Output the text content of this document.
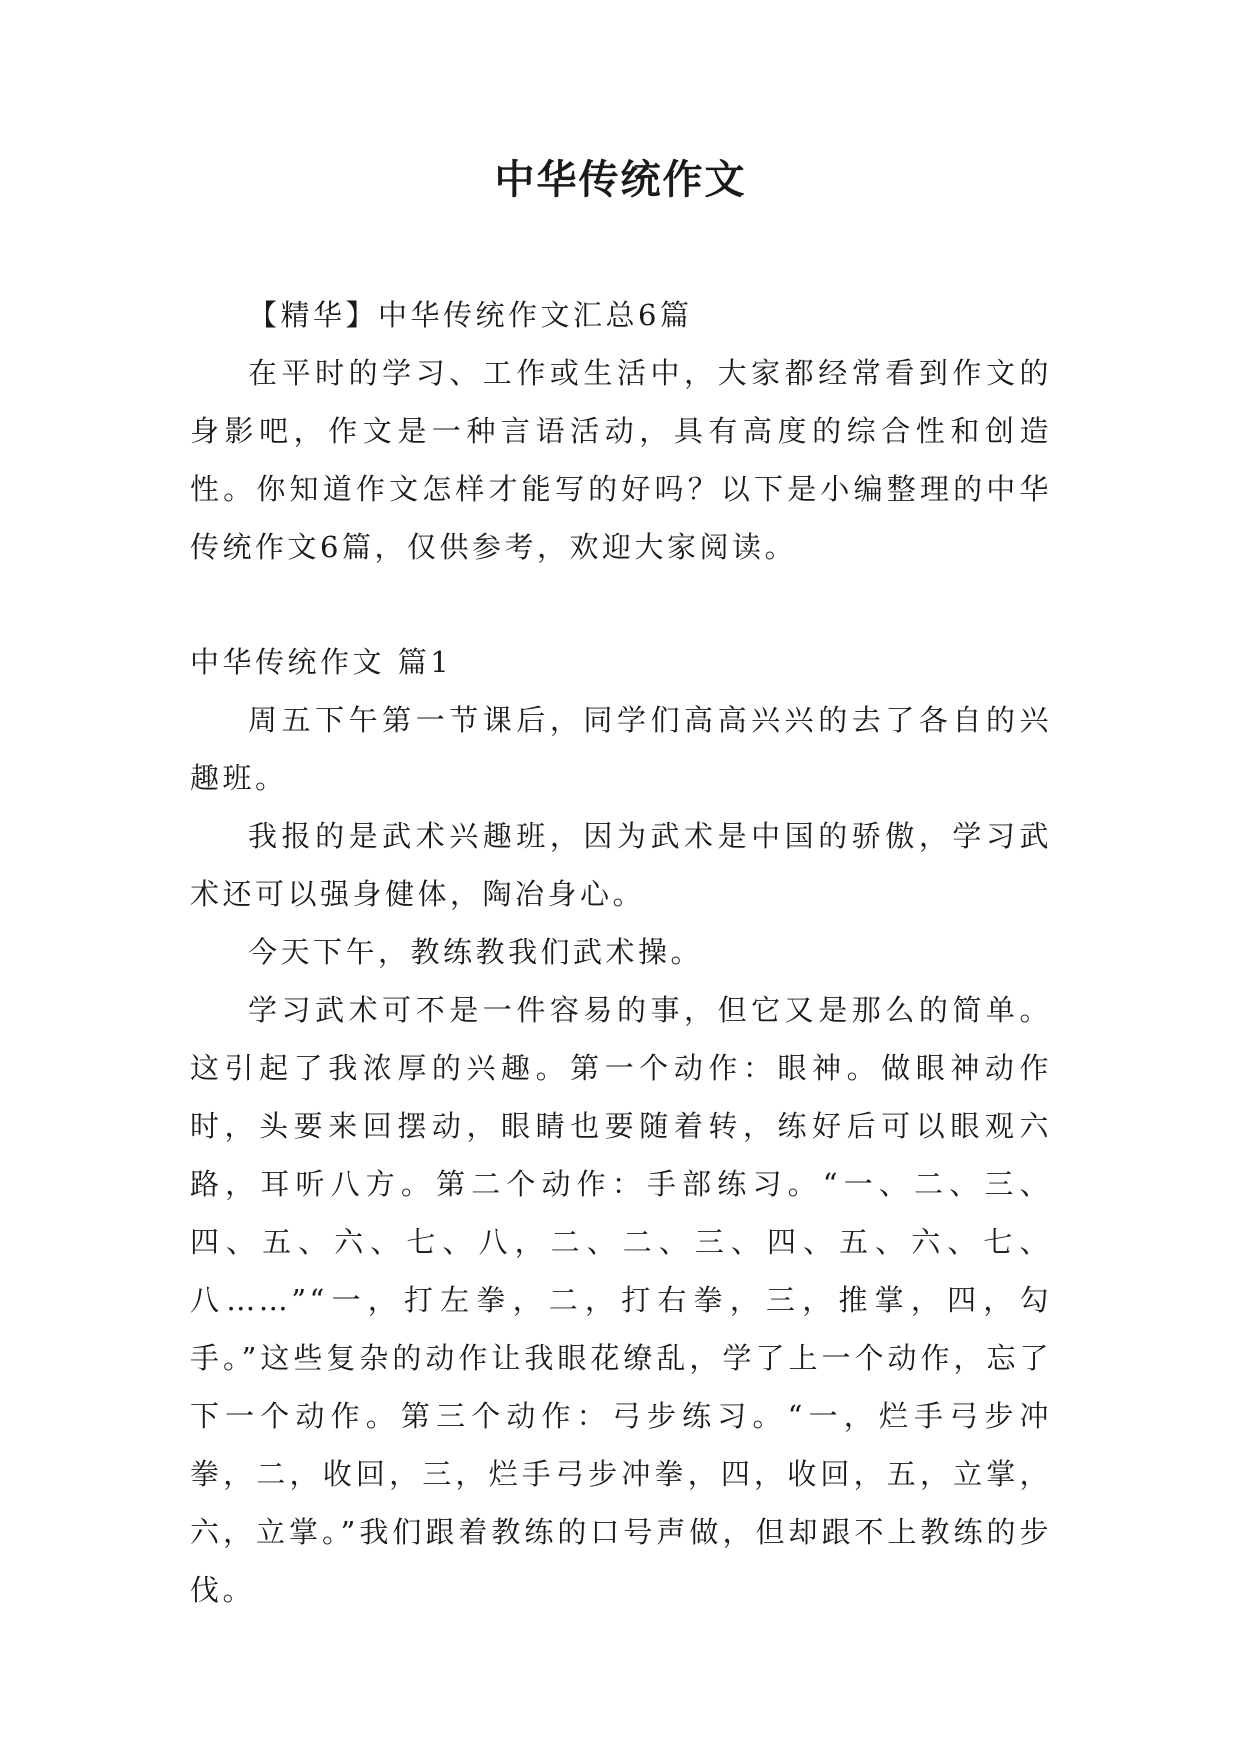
中华传统作文

【精华】中华传统作文汇总6篇

在平时的学习、工作或生活中，大家都经常看到作文的身影吧，作文是一种言语活动，具有高度的综合性和创造性。你知道作文怎样才能写的好吗？以下是小编整理的中华传统作文6篇，仅供参考，欢迎大家阅读。

中华传统作文 篇1

周五下午第一节课后，同学们高高兴兴的去了各自的兴趣班。

我报的是武术兴趣班，因为武术是中国的骄傲，学习武术还可以强身健体，陶冶身心。

今天下午，教练教我们武术操。

学习武术可不是一件容易的事，但它又是那么的简单。这引起了我浓厚的兴趣。第一个动作：眼神。做眼神动作时，头要来回摆动，眼睛也要随着转，练好后可以眼观六路，耳听八方。第二个动作：手部练习。“一、二、三、四、五、六、七、八，二、二、三、四、五、六、七、八……”“一，打左拳，二，打右拳，三，推掌，四，勾手。”这些复杂的动作让我眼花缭乱，学了上一个动作，忘了下一个动作。第三个动作：弓步练习。“一，烂手弓步冲拳，二，收回，三，烂手弓步冲拳，四，收回，五，立掌，六，立掌。”我们跟着教练的口号声做，但却跟不上教练的步伐。
